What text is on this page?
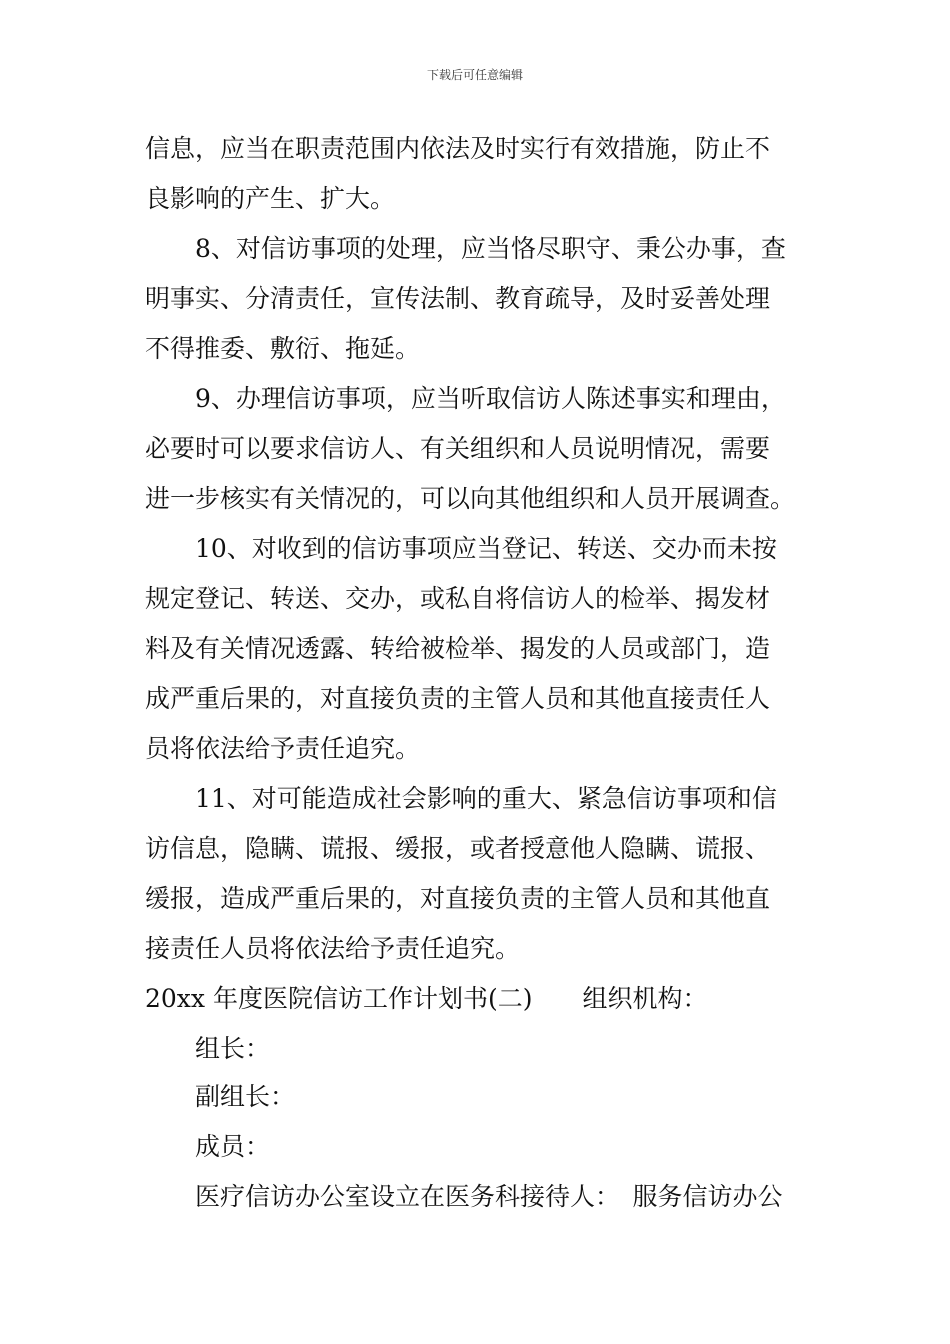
下载后可任意编辑
信息，应当在职责范围内依法及时实行有效措施，防止不
良影响的产生、扩大。
8、对信访事项的处理，应当恪尽职守、秉公办事，查
明事实、分清责任，宣传法制、教育疏导，及时妥善处理
不得推委、敷衍、拖延。
9、办理信访事项，应当听取信访人陈述事实和理由，
必要时可以要求信访人、有关组织和人员说明情况，需要
进一步核实有关情况的，可以向其他组织和人员开展调查。
10、对收到的信访事项应当登记、转送、交办而未按
规定登记、转送、交办，或私自将信访人的检举、揭发材
料及有关情况透露、转给被检举、揭发的人员或部门，造
成严重后果的，对直接负责的主管人员和其他直接责任人
员将依法给予责任追究。
11、对可能造成社会影响的重大、紧急信访事项和信
访信息，隐瞒、谎报、缓报，或者授意他人隐瞒、谎报、
缓报，造成严重后果的，对直接负责的主管人员和其他直
接责任人员将依法给予责任追究。
20xx 年度医院信访工作计划书(二)　　组织机构：
组长：
副组长：
成员：
医疗信访办公室设立在医务科接待人：　服务信访办公
